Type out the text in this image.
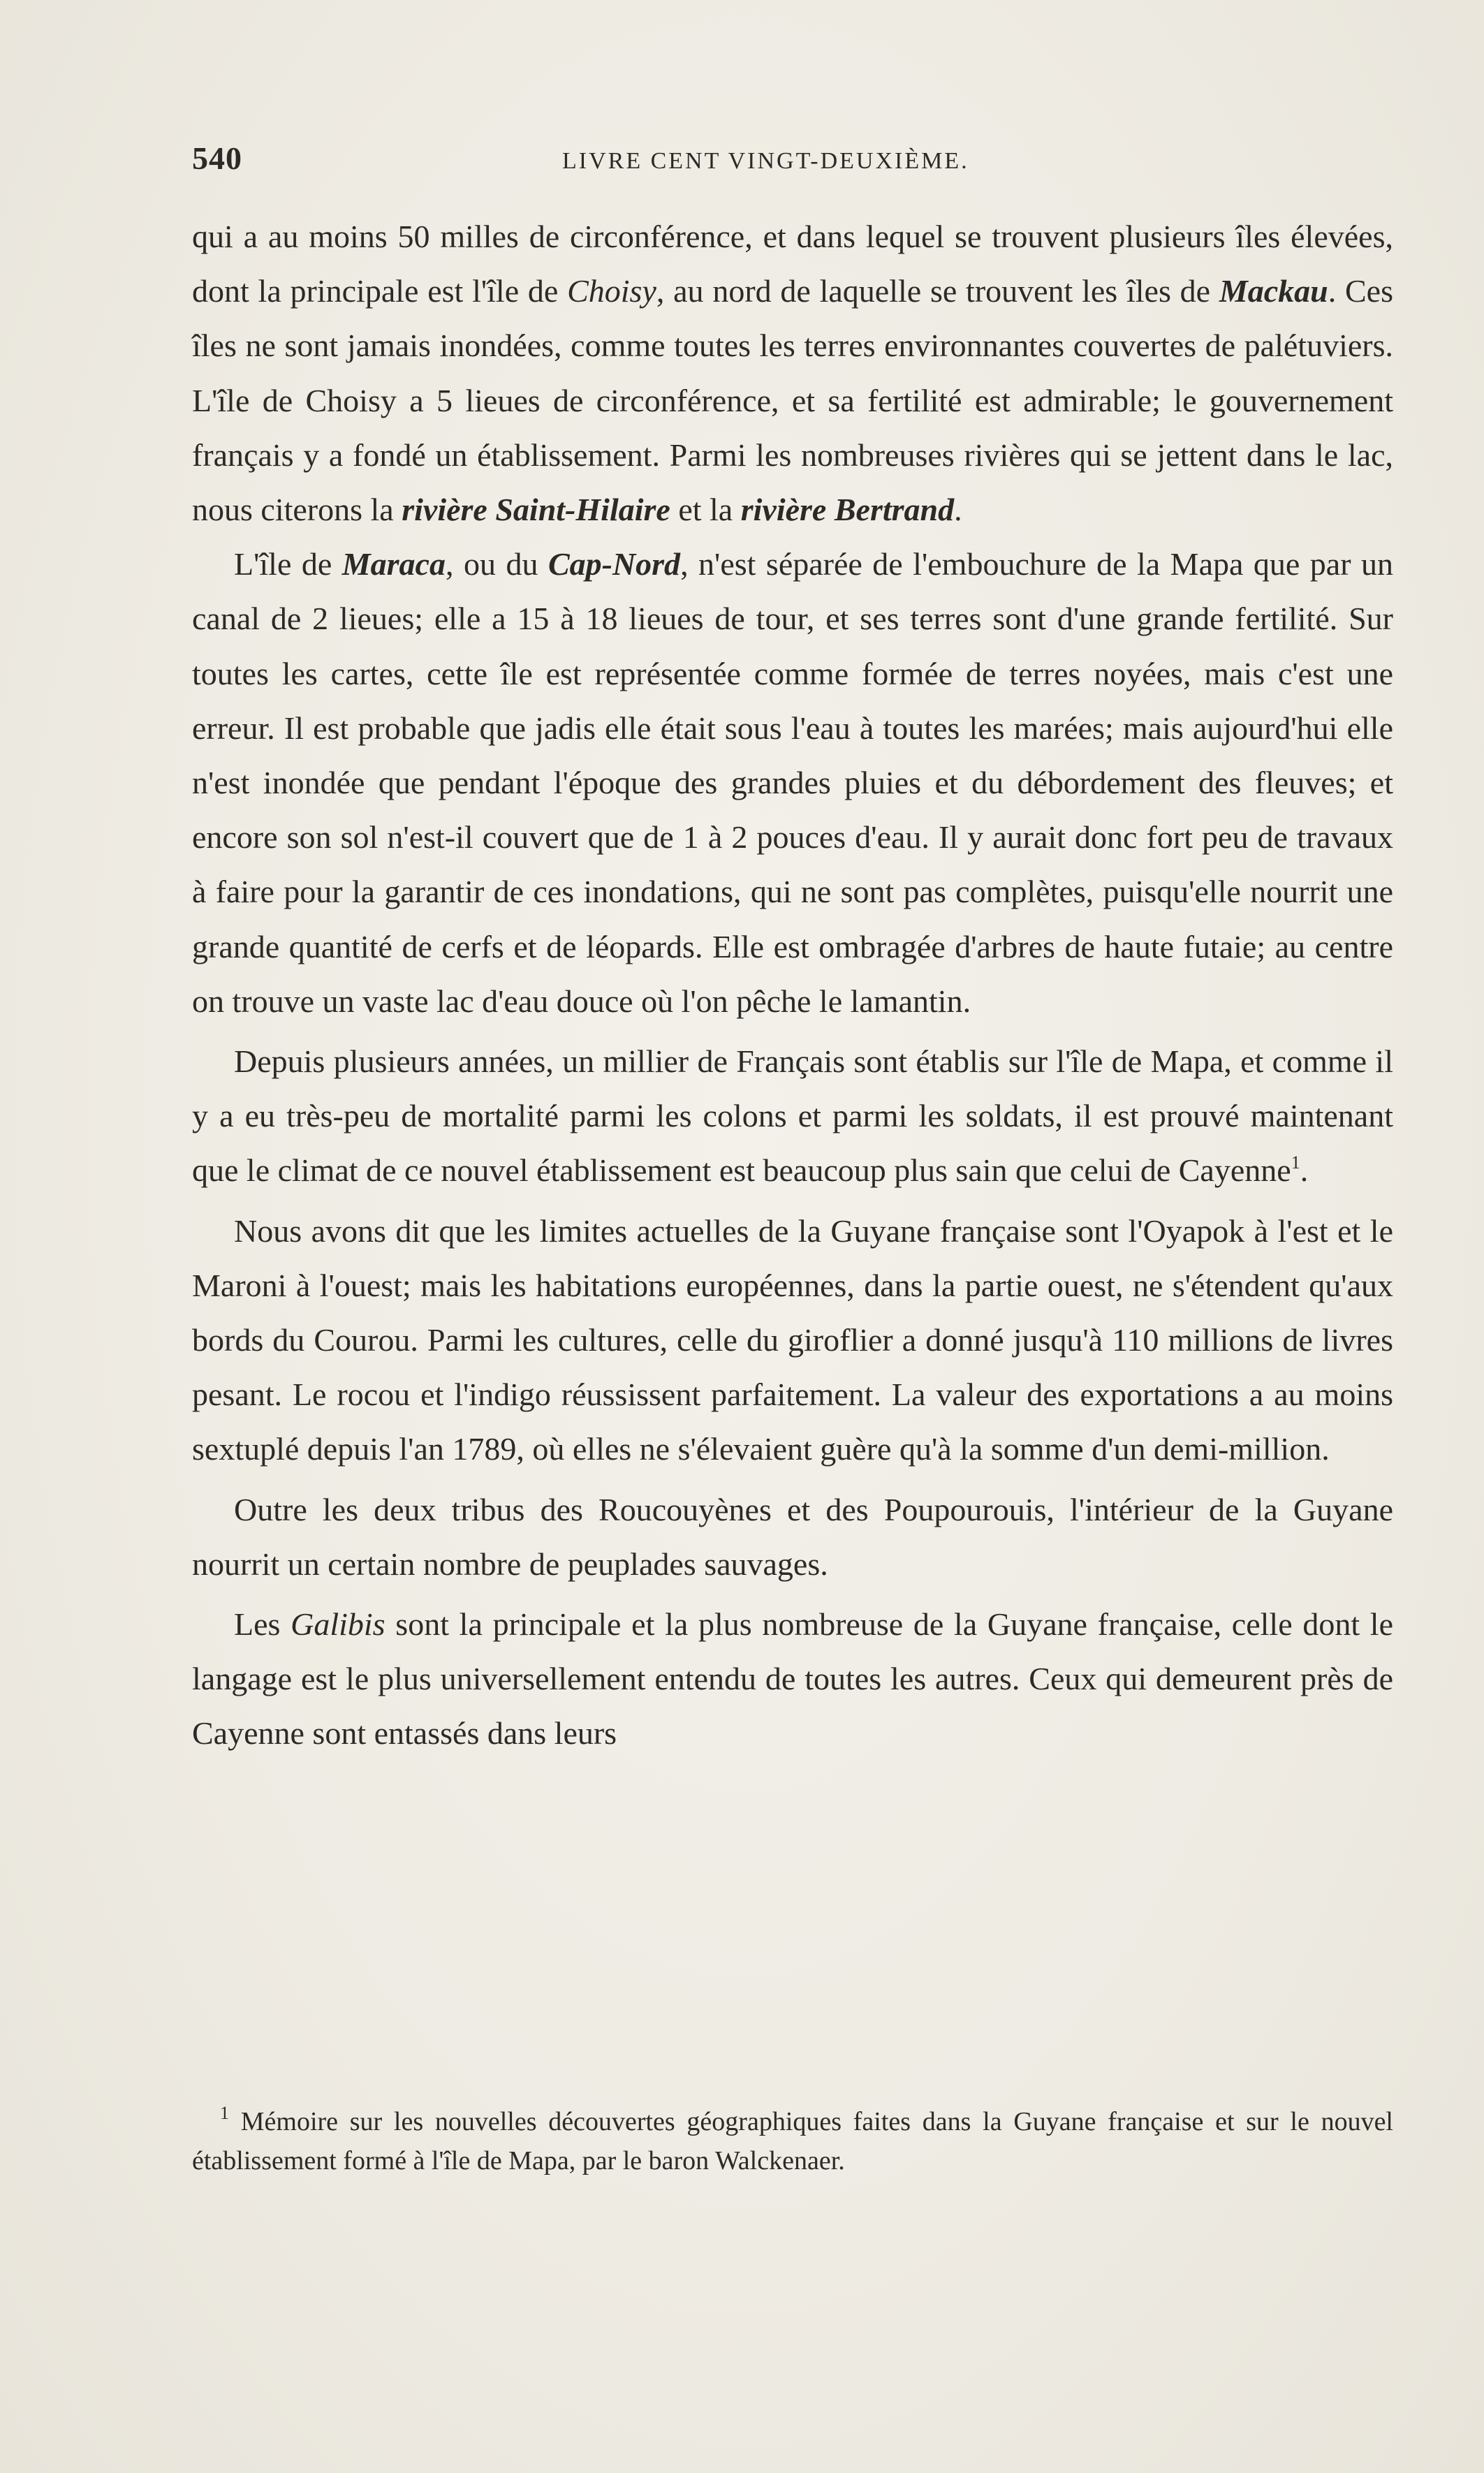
540	LIVRE CENT VINGT-DEUXIÈME.

qui a au moins 50 milles de circonférence, et dans lequel se trouvent plusieurs îles élevées, dont la principale est l'île de Choisy, au nord de laquelle se trouvent les îles de Mackau. Ces îles ne sont jamais inondées, comme toutes les terres environnantes couvertes de palétuviers. L'île de Choisy a 5 lieues de circonférence, et sa fertilité est admirable; le gouvernement français y a fondé un établissement. Parmi les nombreuses rivières qui se jettent dans le lac, nous citerons la rivière Saint-Hilaire et la rivière Bertrand.

L'île de Maraca, ou du Cap-Nord, n'est séparée de l'embouchure de la Mapa que par un canal de 2 lieues; elle a 15 à 18 lieues de tour, et ses terres sont d'une grande fertilité. Sur toutes les cartes, cette île est représentée comme formée de terres noyées, mais c'est une erreur. Il est probable que jadis elle était sous l'eau à toutes les marées; mais aujourd'hui elle n'est inondée que pendant l'époque des grandes pluies et du débordement des fleuves; et encore son sol n'est-il couvert que de 1 à 2 pouces d'eau. Il y aurait donc fort peu de travaux à faire pour la garantir de ces inondations, qui ne sont pas complètes, puisqu'elle nourrit une grande quantité de cerfs et de léopards. Elle est ombragée d'arbres de haute futaie; au centre on trouve un vaste lac d'eau douce où l'on pêche le lamantin.

Depuis plusieurs années, un millier de Français sont établis sur l'île de Mapa, et comme il y a eu très-peu de mortalité parmi les colons et parmi les soldats, il est prouvé maintenant que le climat de ce nouvel établissement est beaucoup plus sain que celui de Cayenne$^1$.

Nous avons dit que les limites actuelles de la Guyane française sont l'Oyapok à l'est et le Maroni à l'ouest; mais les habitations européennes, dans la partie ouest, ne s'étendent qu'aux bords du Courou. Parmi les cultures, celle du giroflier a donné jusqu'à 110 millions de livres pesant. Le rocou et l'indigo réussissent parfaitement. La valeur des exportations a au moins sextuplé depuis l'an 1789, où elles ne s'élevaient guère qu'à la somme d'un demi-million.

Outre les deux tribus des Roucouyènes et des Poupourouis, l'intérieur de la Guyane nourrit un certain nombre de peuplades sauvages.

Les Galibis sont la principale et la plus nombreuse de la Guyane française, celle dont le langage est le plus universellement entendu de toutes les autres. Ceux qui demeurent près de Cayenne sont entassés dans leurs

$^1$ Mémoire sur les nouvelles découvertes géographiques faites dans la Guyane française et sur le nouvel établissement formé à l'île de Mapa, par le baron Walckenaer.
